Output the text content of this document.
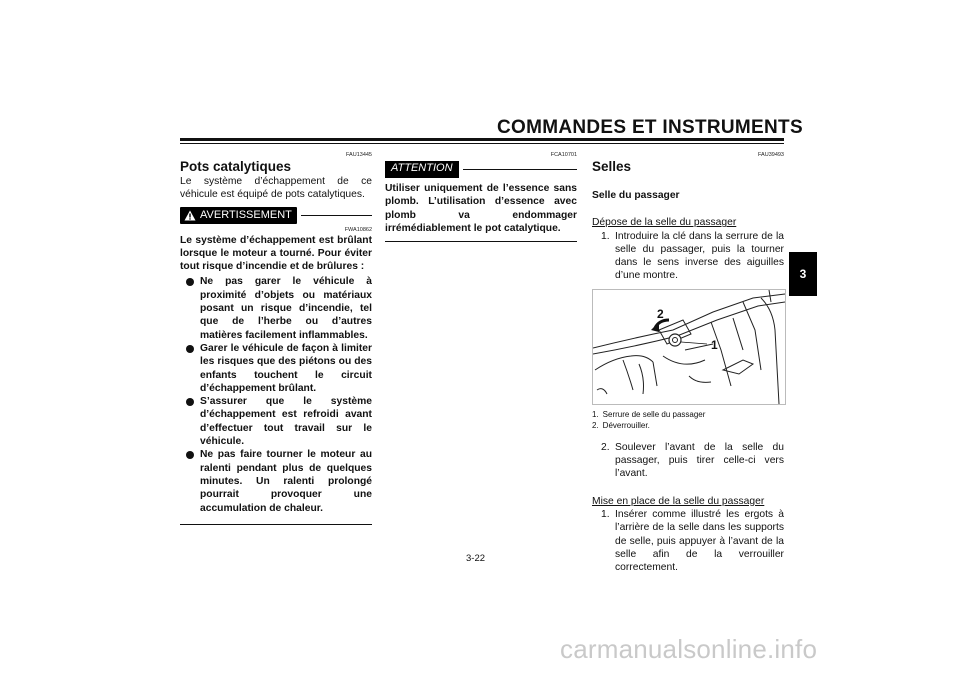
COMMANDES ET INSTRUMENTS
3
FAU13445
Pots catalytiques
Le système d’échappement de ce véhicule est équipé de pots catalytiques.
AVERTISSEMENT
FWA10862
Le système d’échappement est brûlant lorsque le moteur a tourné. Pour éviter tout risque d’incendie et de brûlures :
Ne pas garer le véhicule à proximité d’objets ou matériaux posant un risque d’incendie, tel que de l’herbe ou d’autres matières facilement inflammables.
Garer le véhicule de façon à limiter les risques que des piétons ou des enfants touchent le circuit d’échappement brûlant.
S’assurer que le système d’échappement est refroidi avant d’effectuer tout travail sur le véhicule.
Ne pas faire tourner le moteur au ralenti pendant plus de quelques minutes. Un ralenti prolongé pourrait provoquer une accumulation de chaleur.
FCA10701
ATTENTION
Utiliser uniquement de l’essence sans plomb. L’utilisation d’essence avec plomb va endommager irrémédiablement le pot catalytique.
FAU39493
Selles
Selle du passager
Dépose de la selle du passager
1. Introduire la clé dans la serrure de la selle du passager, puis la tourner dans le sens inverse des aiguilles d’une montre.
2
1
1. Serrure de selle du passager
2. Déverrouiller.
2. Soulever l’avant de la selle du passager, puis tirer celle-ci vers l’avant.
Mise en place de la selle du passager
1. Insérer comme illustré les ergots à l’arrière de la selle dans les supports de selle, puis appuyer à l’avant de la selle afin de la verrouiller correctement.
3-22
carmanualsonline.info
